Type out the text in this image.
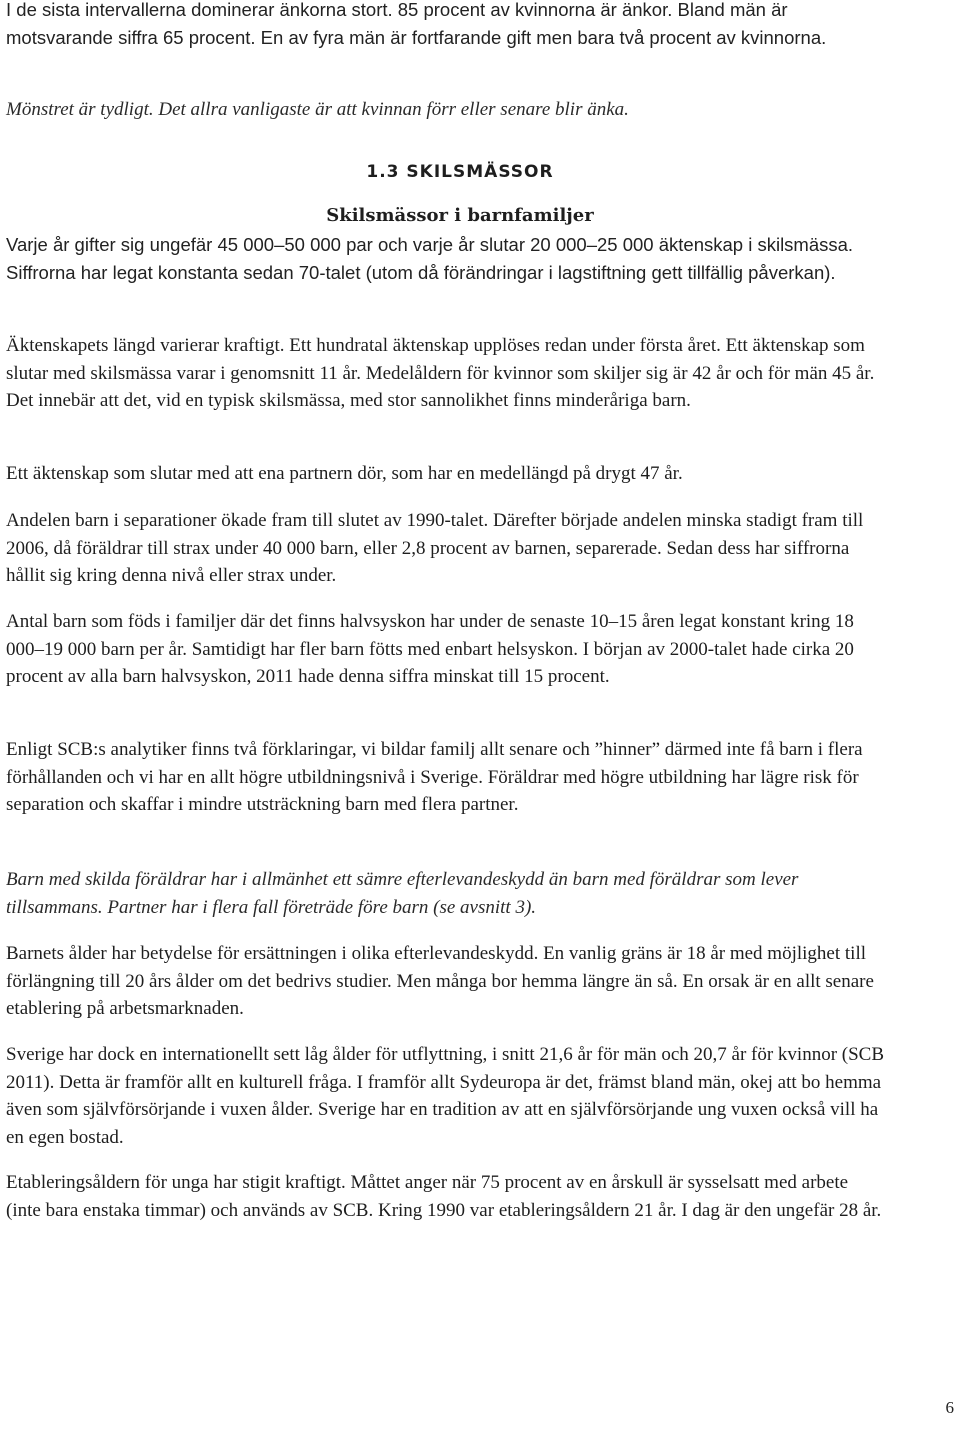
I de sista intervallerna dominerar änkorna stort. 85 procent av kvinnorna är änkor. Bland män är motsvarande siffra 65 procent. En av fyra män är fortfarande gift men bara två procent av kvinnorna.

Mönstret är tydligt. Det allra vanligaste är att kvinnan förr eller senare blir änka.

1.3 SKILSMÄSSOR
Skilsmässor i barnfamiljer

Varje år gifter sig ungefär 45 000–50 000 par och varje år slutar 20 000–25 000 äktenskap i skilsmässa. Siffrorna har legat konstanta sedan 70-talet (utom då förändringar i lagstiftning gett tillfällig påverkan).

Äktenskapets längd varierar kraftigt. Ett hundratal äktenskap upplöses redan under första året. Ett äktenskap som slutar med skilsmässa varar i genomsnitt 11 år. Medelåldern för kvinnor som skiljer sig är 42 år och för män 45 år. Det innebär att det, vid en typisk skilsmässa, med stor sannolikhet finns minderåriga barn.

Ett äktenskap som slutar med att ena partnern dör, som har en medellängd på drygt 47 år.

Andelen barn i separationer ökade fram till slutet av 1990-talet. Därefter började andelen minska stadigt fram till 2006, då föräldrar till strax under 40 000 barn, eller 2,8 procent av barnen, separerade. Sedan dess har siffrorna hållit sig kring denna nivå eller strax under.

Antal barn som föds i familjer där det finns halvsyskon har under de senaste 10–15 åren legat konstant kring 18 000–19 000 barn per år. Samtidigt har fler barn fötts med enbart helsyskon. I början av 2000-talet hade cirka 20 procent av alla barn halvsyskon, 2011 hade denna siffra minskat till 15 procent.

Enligt SCB:s analytiker finns två förklaringar, vi bildar familj allt senare och ”hinner” därmed inte få barn i flera förhållanden och vi har en allt högre utbildningsnivå i Sverige. Föräldrar med högre utbildning har lägre risk för separation och skaffar i mindre utsträckning barn med flera partner.

Barn med skilda föräldrar har i allmänhet ett sämre efterlevandeskydd än barn med föräldrar som lever tillsammans. Partner har i flera fall företräde före barn (se avsnitt 3).

Barnets ålder har betydelse för ersättningen i olika efterlevandeskydd. En vanlig gräns är 18 år med möjlighet till förlängning till 20 års ålder om det bedrivs studier. Men många bor hemma längre än så. En orsak är en allt senare etablering på arbetsmarknaden.

Sverige har dock en internationellt sett låg ålder för utflyttning, i snitt 21,6 år för män och 20,7 år för kvinnor (SCB 2011). Detta är framför allt en kulturell fråga. I framför allt Sydeuropa är det, främst bland män, okej att bo hemma även som självförsörjande i vuxen ålder. Sverige har en tradition av att en självförsörjande ung vuxen också vill ha en egen bostad.

Etableringsåldern för unga har stigit kraftigt. Måttet anger när 75 procent av en årskull är sysselsatt med arbete (inte bara enstaka timmar) och används av SCB. Kring 1990 var etableringsåldern 21 år. I dag är den ungefär 28 år.

6
